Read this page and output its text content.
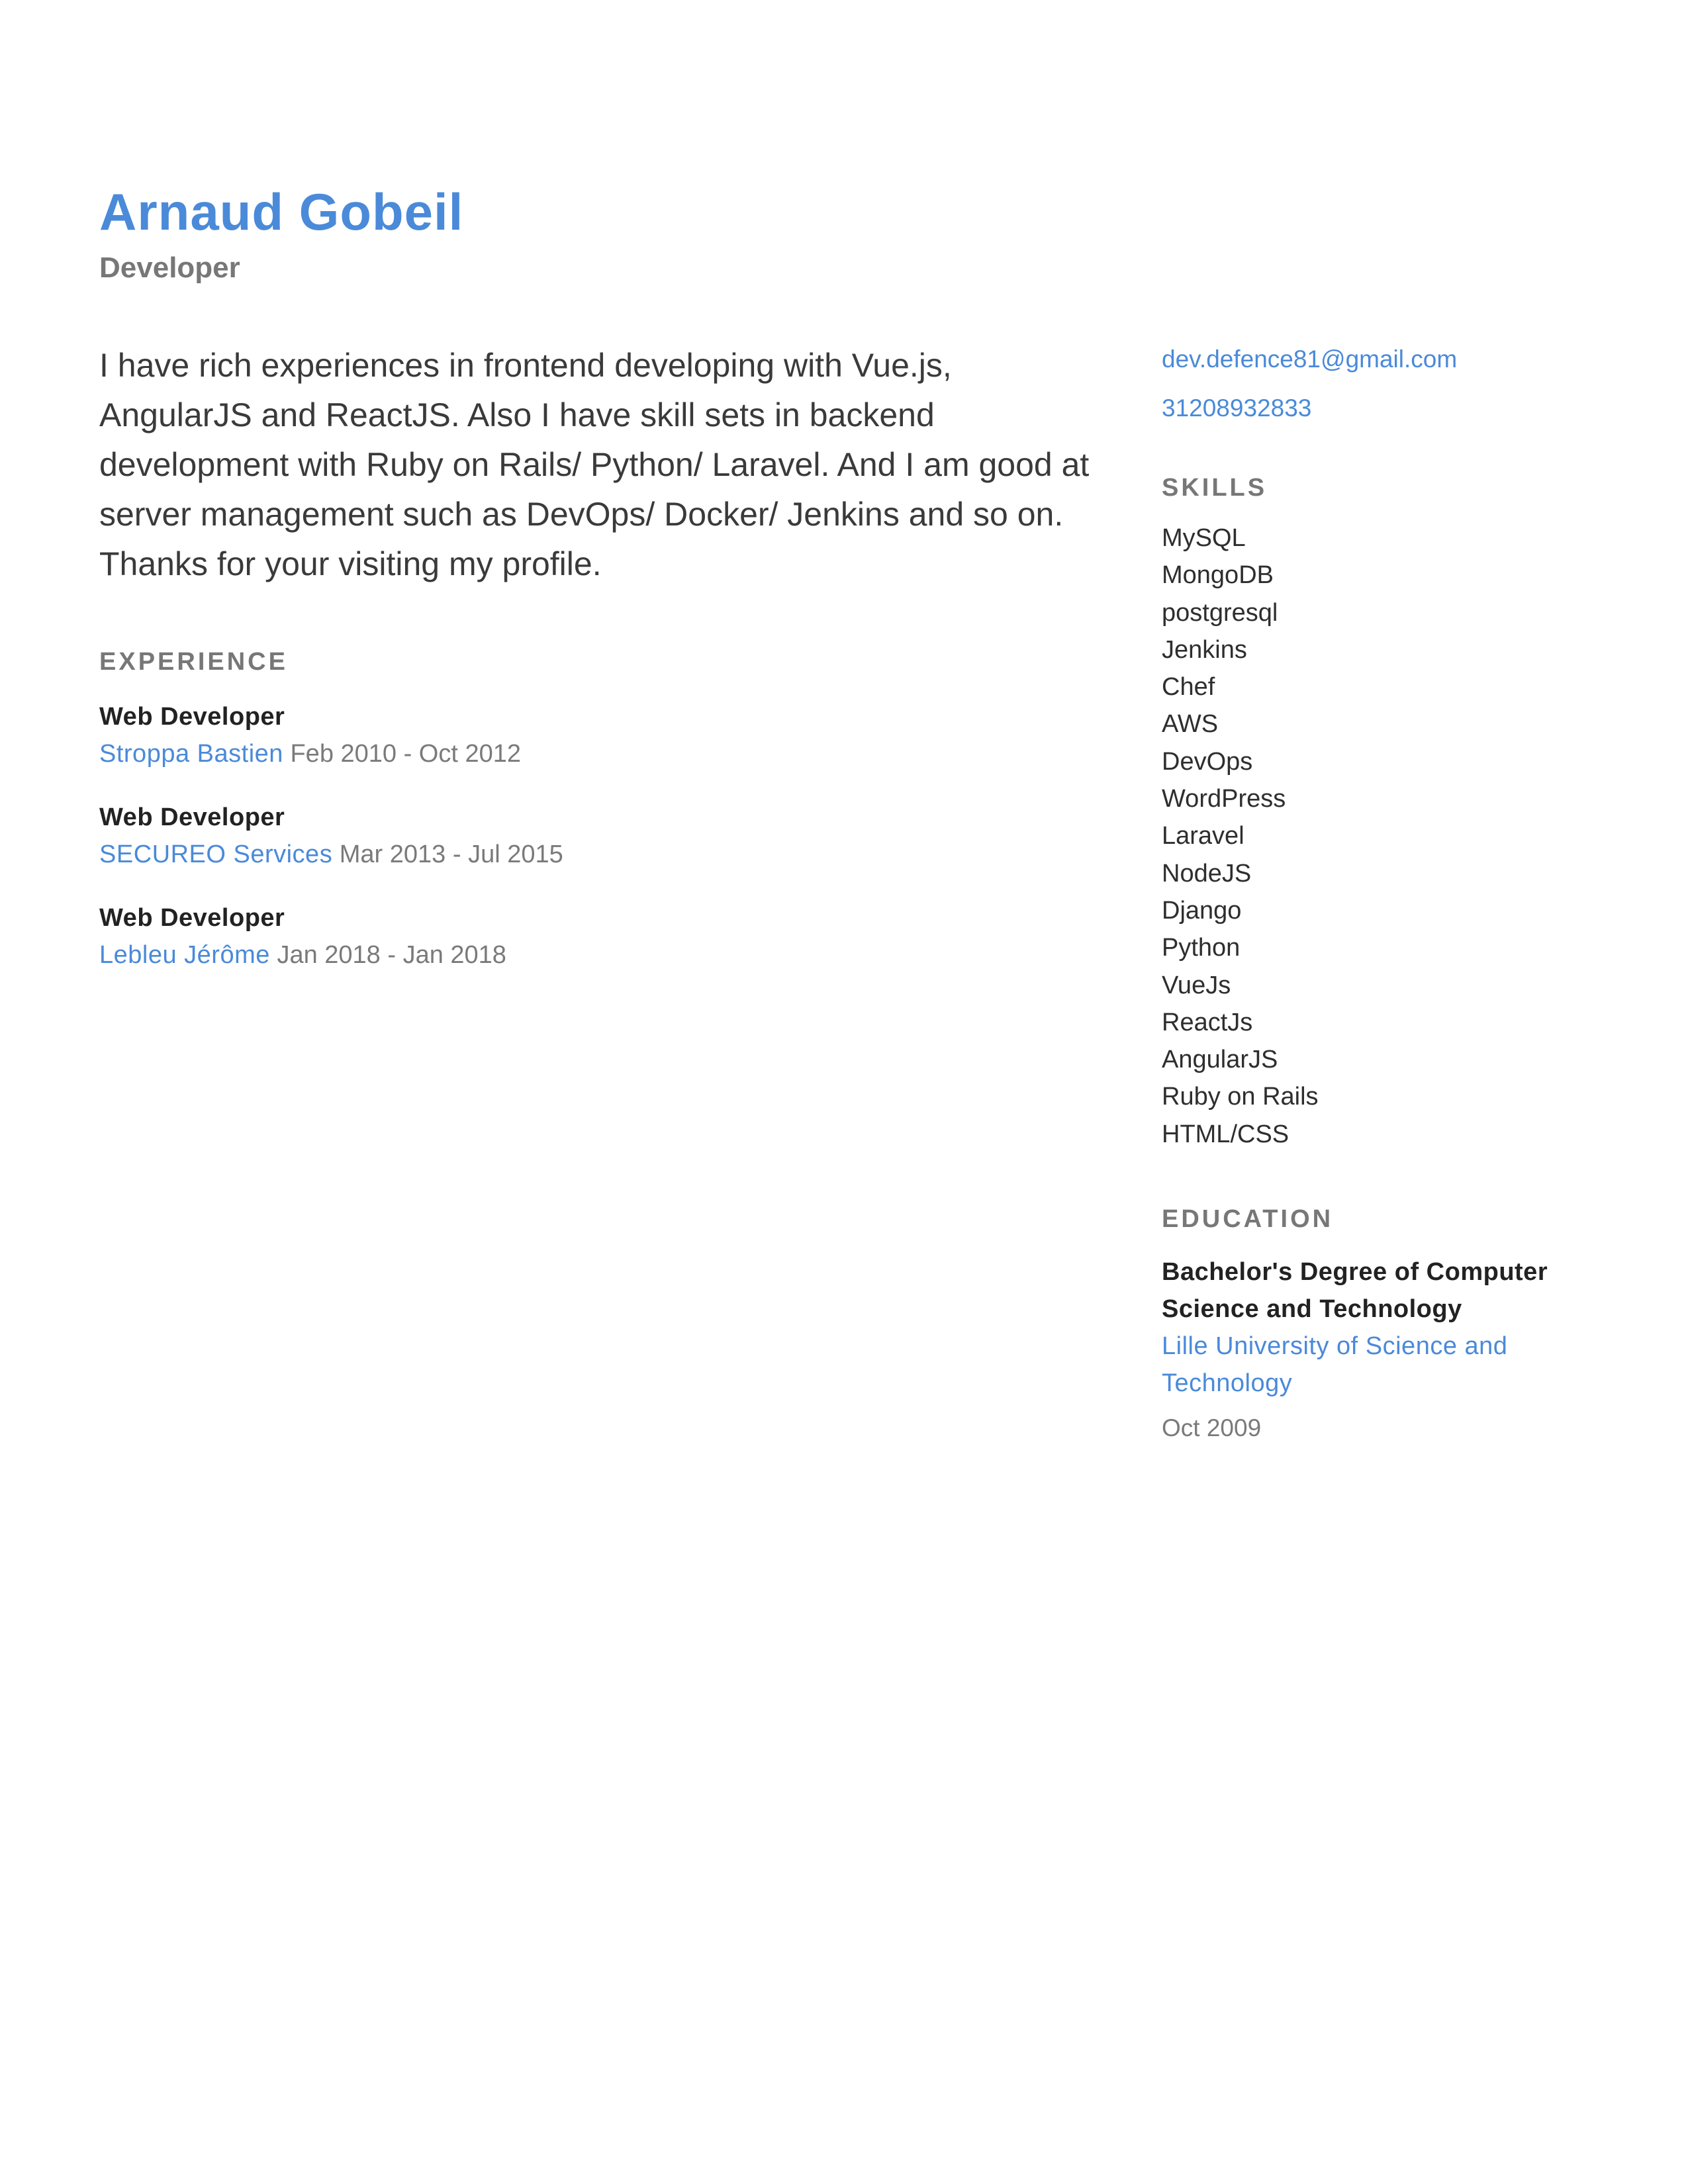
Arnaud Gobeil

Developer

I have rich experiences in frontend developing with Vue.js, AngularJS and ReactJS. Also I have skill sets in backend development with Ruby on Rails/ Python/ Laravel. And I am good at server management such as DevOps/ Docker/ Jenkins and so on. Thanks for your visiting my profile.

EXPERIENCE
Web Developer
Stroppa Bastien Feb 2010 - Oct 2012
Web Developer
SECUREO Services Mar 2013 - Jul 2015
Web Developer
Lebleu Jérôme Jan 2018 - Jan 2018
dev.defence81@gmail.com
31208932833
SKILLS
MySQL
MongoDB
postgresql
Jenkins
Chef
AWS
DevOps
WordPress
Laravel
NodeJS
Django
Python
VueJs
ReactJs
AngularJS
Ruby on Rails
HTML/CSS
EDUCATION
Bachelor's Degree of Computer Science and Technology
Lille University of Science and Technology
Oct 2009
